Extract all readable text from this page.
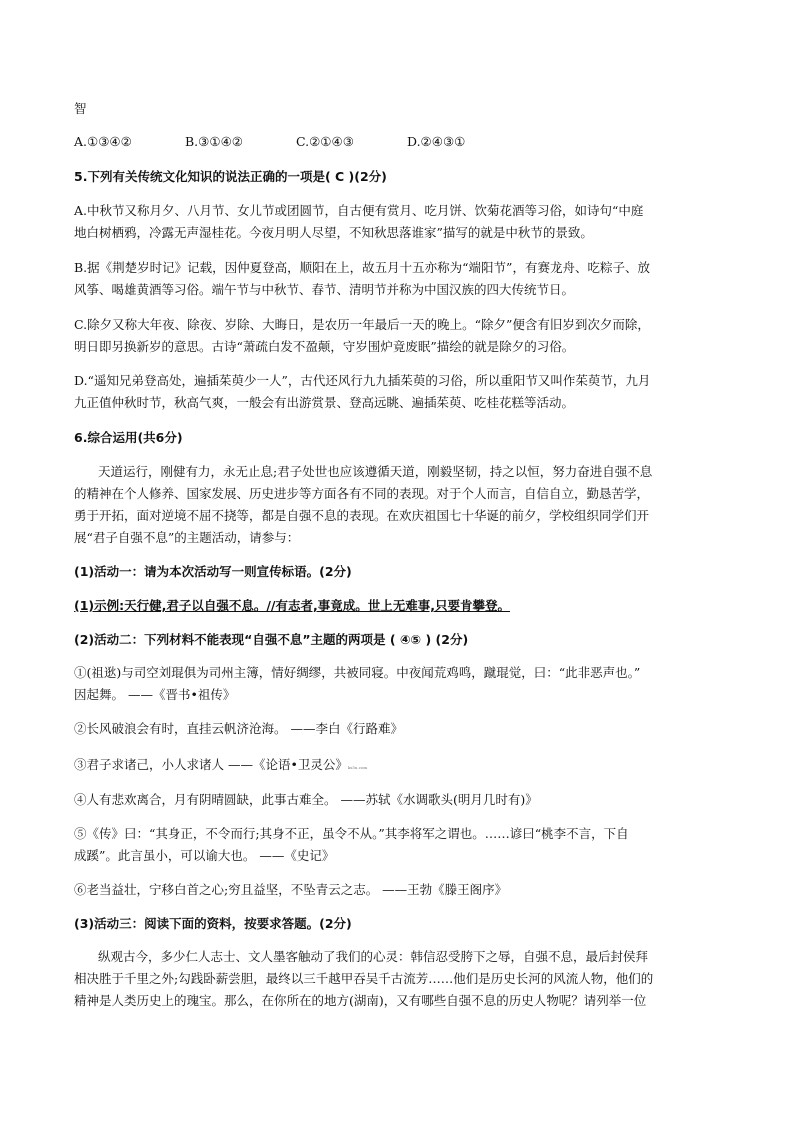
智
A.①③④②	B.③①④②	C.②①④③	D.②④③①
5.下列有关传统文化知识的说法正确的一项是( C )(2分)
A.中秋节又称月夕、八月节、女儿节或团圆节，自古便有赏月、吃月饼、饮菊花酒等习俗，如诗句“中庭
地白树栖鸦，冷露无声湿桂花。今夜月明人尽望，不知秋思落谁家”描写的就是中秋节的景致。
B.据《荆楚岁时记》记载，因仲夏登高，顺阳在上，故五月十五亦称为“端阳节”，有赛龙舟、吃粽子、放
风筝、喝雄黄酒等习俗。端午节与中秋节、春节、清明节并称为中国汉族的四大传统节日。
C.除夕又称大年夜、除夜、岁除、大晦日，是农历一年最后一天的晚上。“除夕”便含有旧岁到次夕而除，
明日即另换新岁的意思。古诗“萧疏白发不盈颠，守岁围炉竟废眠”描绘的就是除夕的习俗。
D.“遥知兄弟登高处，遍插茱萸少一人”，古代还风行九九插茱萸的习俗，所以重阳节又叫作茱萸节，九月
九正值仲秋时节，秋高气爽，一般会有出游赏景、登高远眺、遍插茱萸、吃桂花糕等活动。
6.综合运用(共6分)
天道运行，刚健有力，永无止息;君子处世也应该遵循天道，刚毅坚韧，持之以恒，努力奋进自强不息
的精神在个人修养、国家发展、历史进步等方面各有不同的表现。对于个人而言，自信自立，勤恳苦学，
勇于开拓，面对逆境不屈不挠等，都是自强不息的表现。在欢庆祖国七十华诞的前夕，学校组织同学们开
展“君子自强不息”的主题活动，请参与：
(1)活动一：请为本次活动写一则宣传标语。(2分)
(1)示例:天行健,君子以自强不息。//有志者,事竟成。世上无难事,只要肯攀登。
(2)活动二：下列材料不能表现“自强不息”主题的两项是 ( ④⑤ ) (2分)
①(祖逖)与司空刘琨俱为司州主簿，情好绸缪，共被同寝。中夜闻荒鸡鸣，蹴琨觉，曰：“此非恶声也。”
因起舞。 ——《晋书•祖传》
②长风破浪会有时，直挂云帆济沧海。 ——李白《行路难》
③君子求诸己，小人求诸人 ——《论语•卫灵公》ks5u.com
④人有悲欢离合，月有阴晴圆缺，此事古难全。 ——苏轼《水调歌头(明月几时有)》
⑤《传》曰：“其身正，不令而行;其身不正，虽令不从。”其李将军之谓也。……谚曰“桃李不言，下自
成蹊”。此言虽小，可以谕大也。 ——《史记》
⑥老当益壮，宁移白首之心;穷且益坚，不坠青云之志。 ——王勃《滕王阁序》
(3)活动三：阅读下面的资料，按要求答题。(2分)
纵观古今，多少仁人志士、文人墨客触动了我们的心灵：韩信忍受胯下之辱，自强不息，最后封侯拜
相决胜于千里之外;勾践卧薪尝胆，最终以三千越甲吞吴千古流芳……他们是历史长河的风流人物，他们的
精神是人类历史上的瑰宝。那么，在你所在的地方(湖南)，又有哪些自强不息的历史人物呢？请列举一位
